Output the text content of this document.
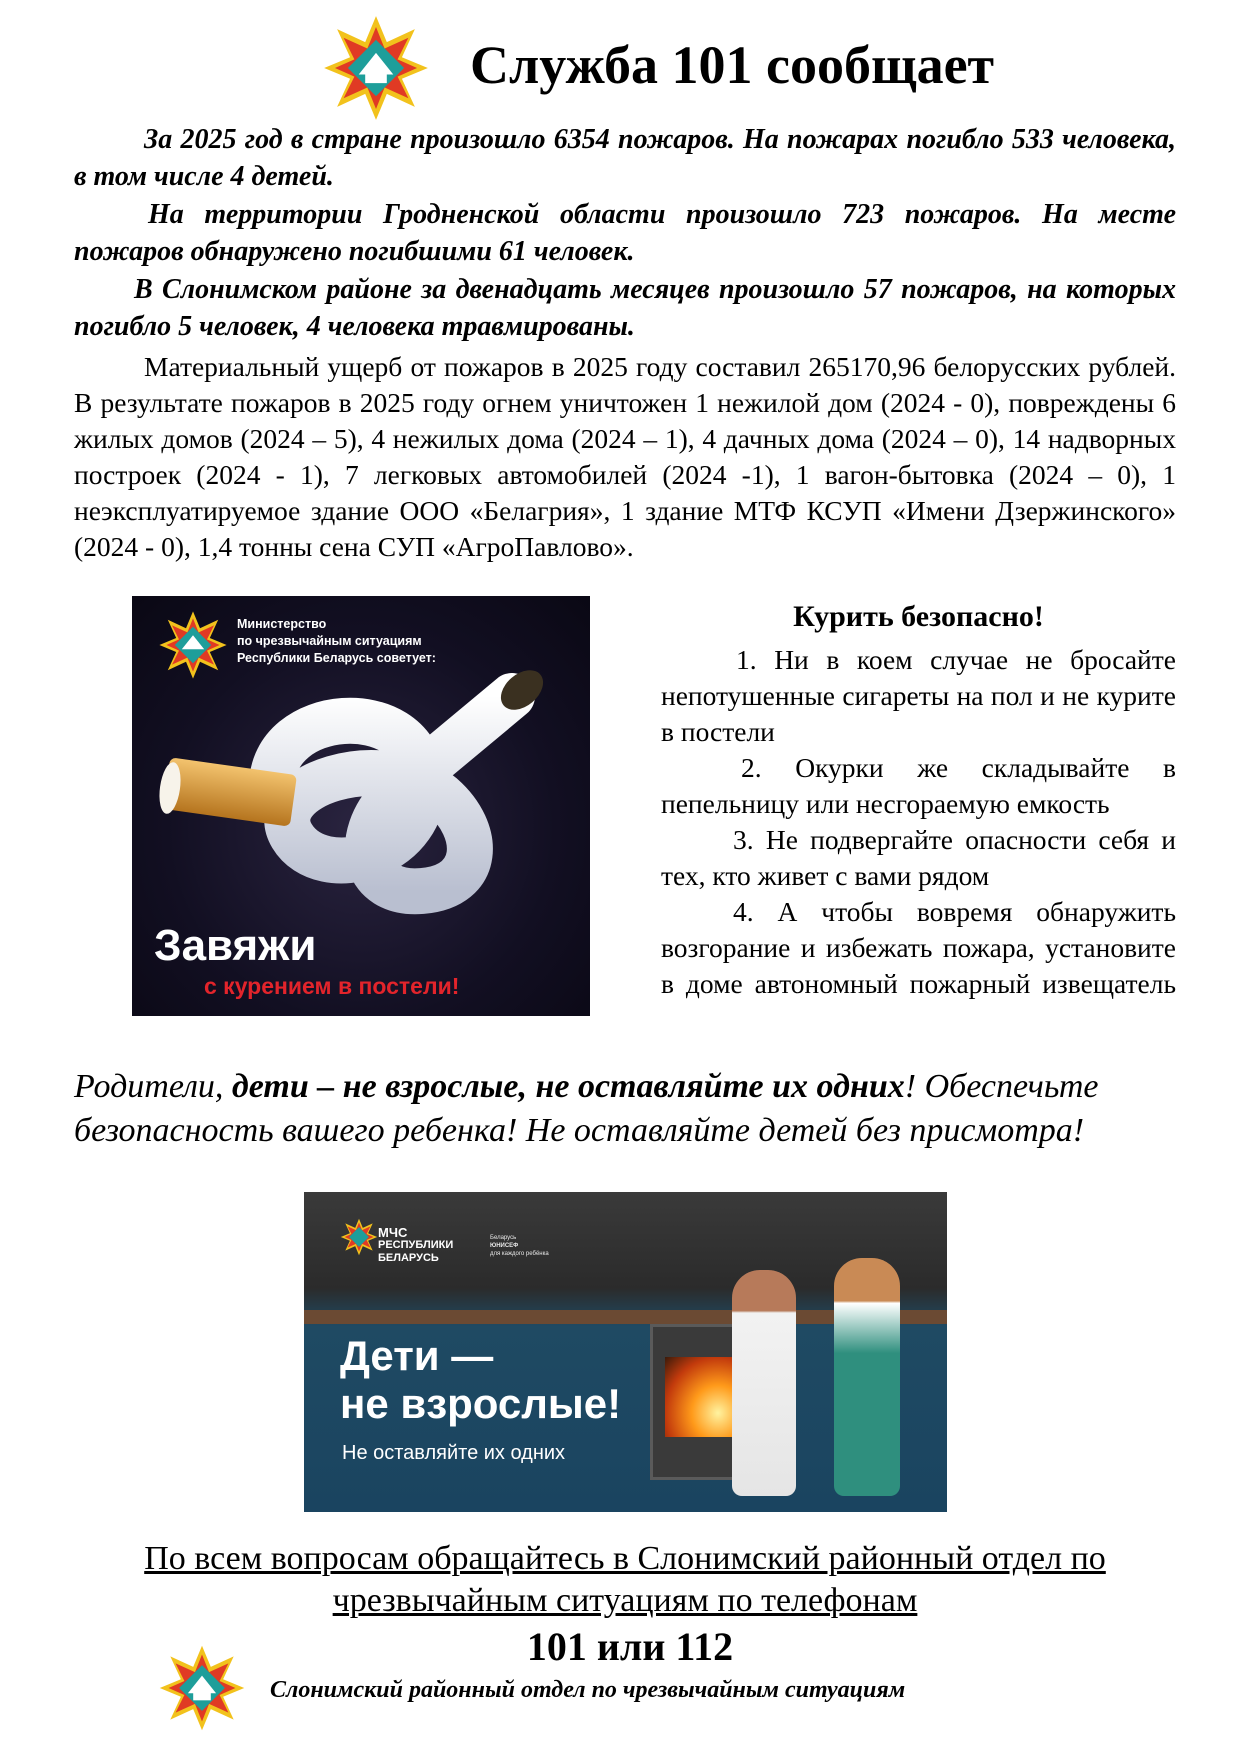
Служба 101 сообщает

За 2025 год в стране произошло 6354 пожаров. На пожарах погибло 533 человека, в том числе 4 детей.

На территории Гродненской области произошло 723 пожаров. На месте пожаров обнаружено погибшими 61 человек.

В Слонимском районе за двенадцать месяцев произошло 57 пожаров, на которых погибло 5 человек, 4 человека травмированы.

Материальный ущерб от пожаров в 2025 году составил 265170,96 белорусских рублей. В результате пожаров в 2025 году огнем уничтожен 1 нежилой дом (2024 - 0), повреждены 6 жилых домов (2024 – 5), 4 нежилых дома (2024 – 1), 4 дачных дома (2024 – 0), 14 надворных построек (2024 - 1), 7 легковых автомобилей (2024 -1), 1 вагон-бытовка (2024 – 0), 1 неэксплуатируемое здание ООО «Белагрия», 1 здание МТФ КСУП «Имени Дзержинского» (2024 - 0), 1,4 тонны сена СУП «АгроПавлово».

Министерство
по чрезвычайным ситуациям
Республики Беларусь советует:
Завяжи
с курением в постели!
Курить безопасно!

1. Ни в коем случае не бросайте непотушенные сигареты на пол и не курите в постели

2. Окурки же складывайте в пепельницу или несгораемую емкость

3. Не подвергайте опасности себя и тех, кто живет с вами рядом

4. А чтобы вовремя обнаружить возгорание и избежать пожара, установите в доме автономный пожарный извещатель

Родители, дети – не взрослые, не оставляйте их одних! Обеспечьте безопасность вашего ребенка! Не оставляйте детей без присмотра!

МЧС
РЕСПУБЛИКИ
БЕЛАРУСЬ
Беларусь
ЮНИСЕФ
для каждого ребёнка
Дети —
не взрослые!
Не оставляйте их одних

По всем вопросам обращайтесь в Слонимский районный отдел по чрезвычайным ситуациям по телефонам

101 или 112

Слонимский районный отдел по чрезвычайным ситуациям
